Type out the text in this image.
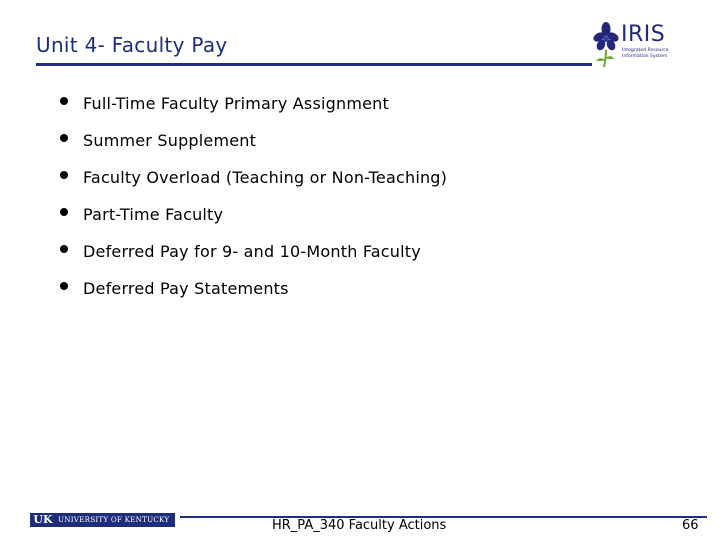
Unit 4- Faculty Pay	IRIS
Integrated Resource Information System
Full-Time Faculty Primary Assignment
Summer Supplement
Faculty Overload (Teaching or Non-Teaching)
Part-Time Faculty
Deferred Pay for 9- and 10-Month Faculty
Deferred Pay Statements
UK UNIVERSITY OF KENTUCKY	HR_PA_340 Faculty Actions	66
